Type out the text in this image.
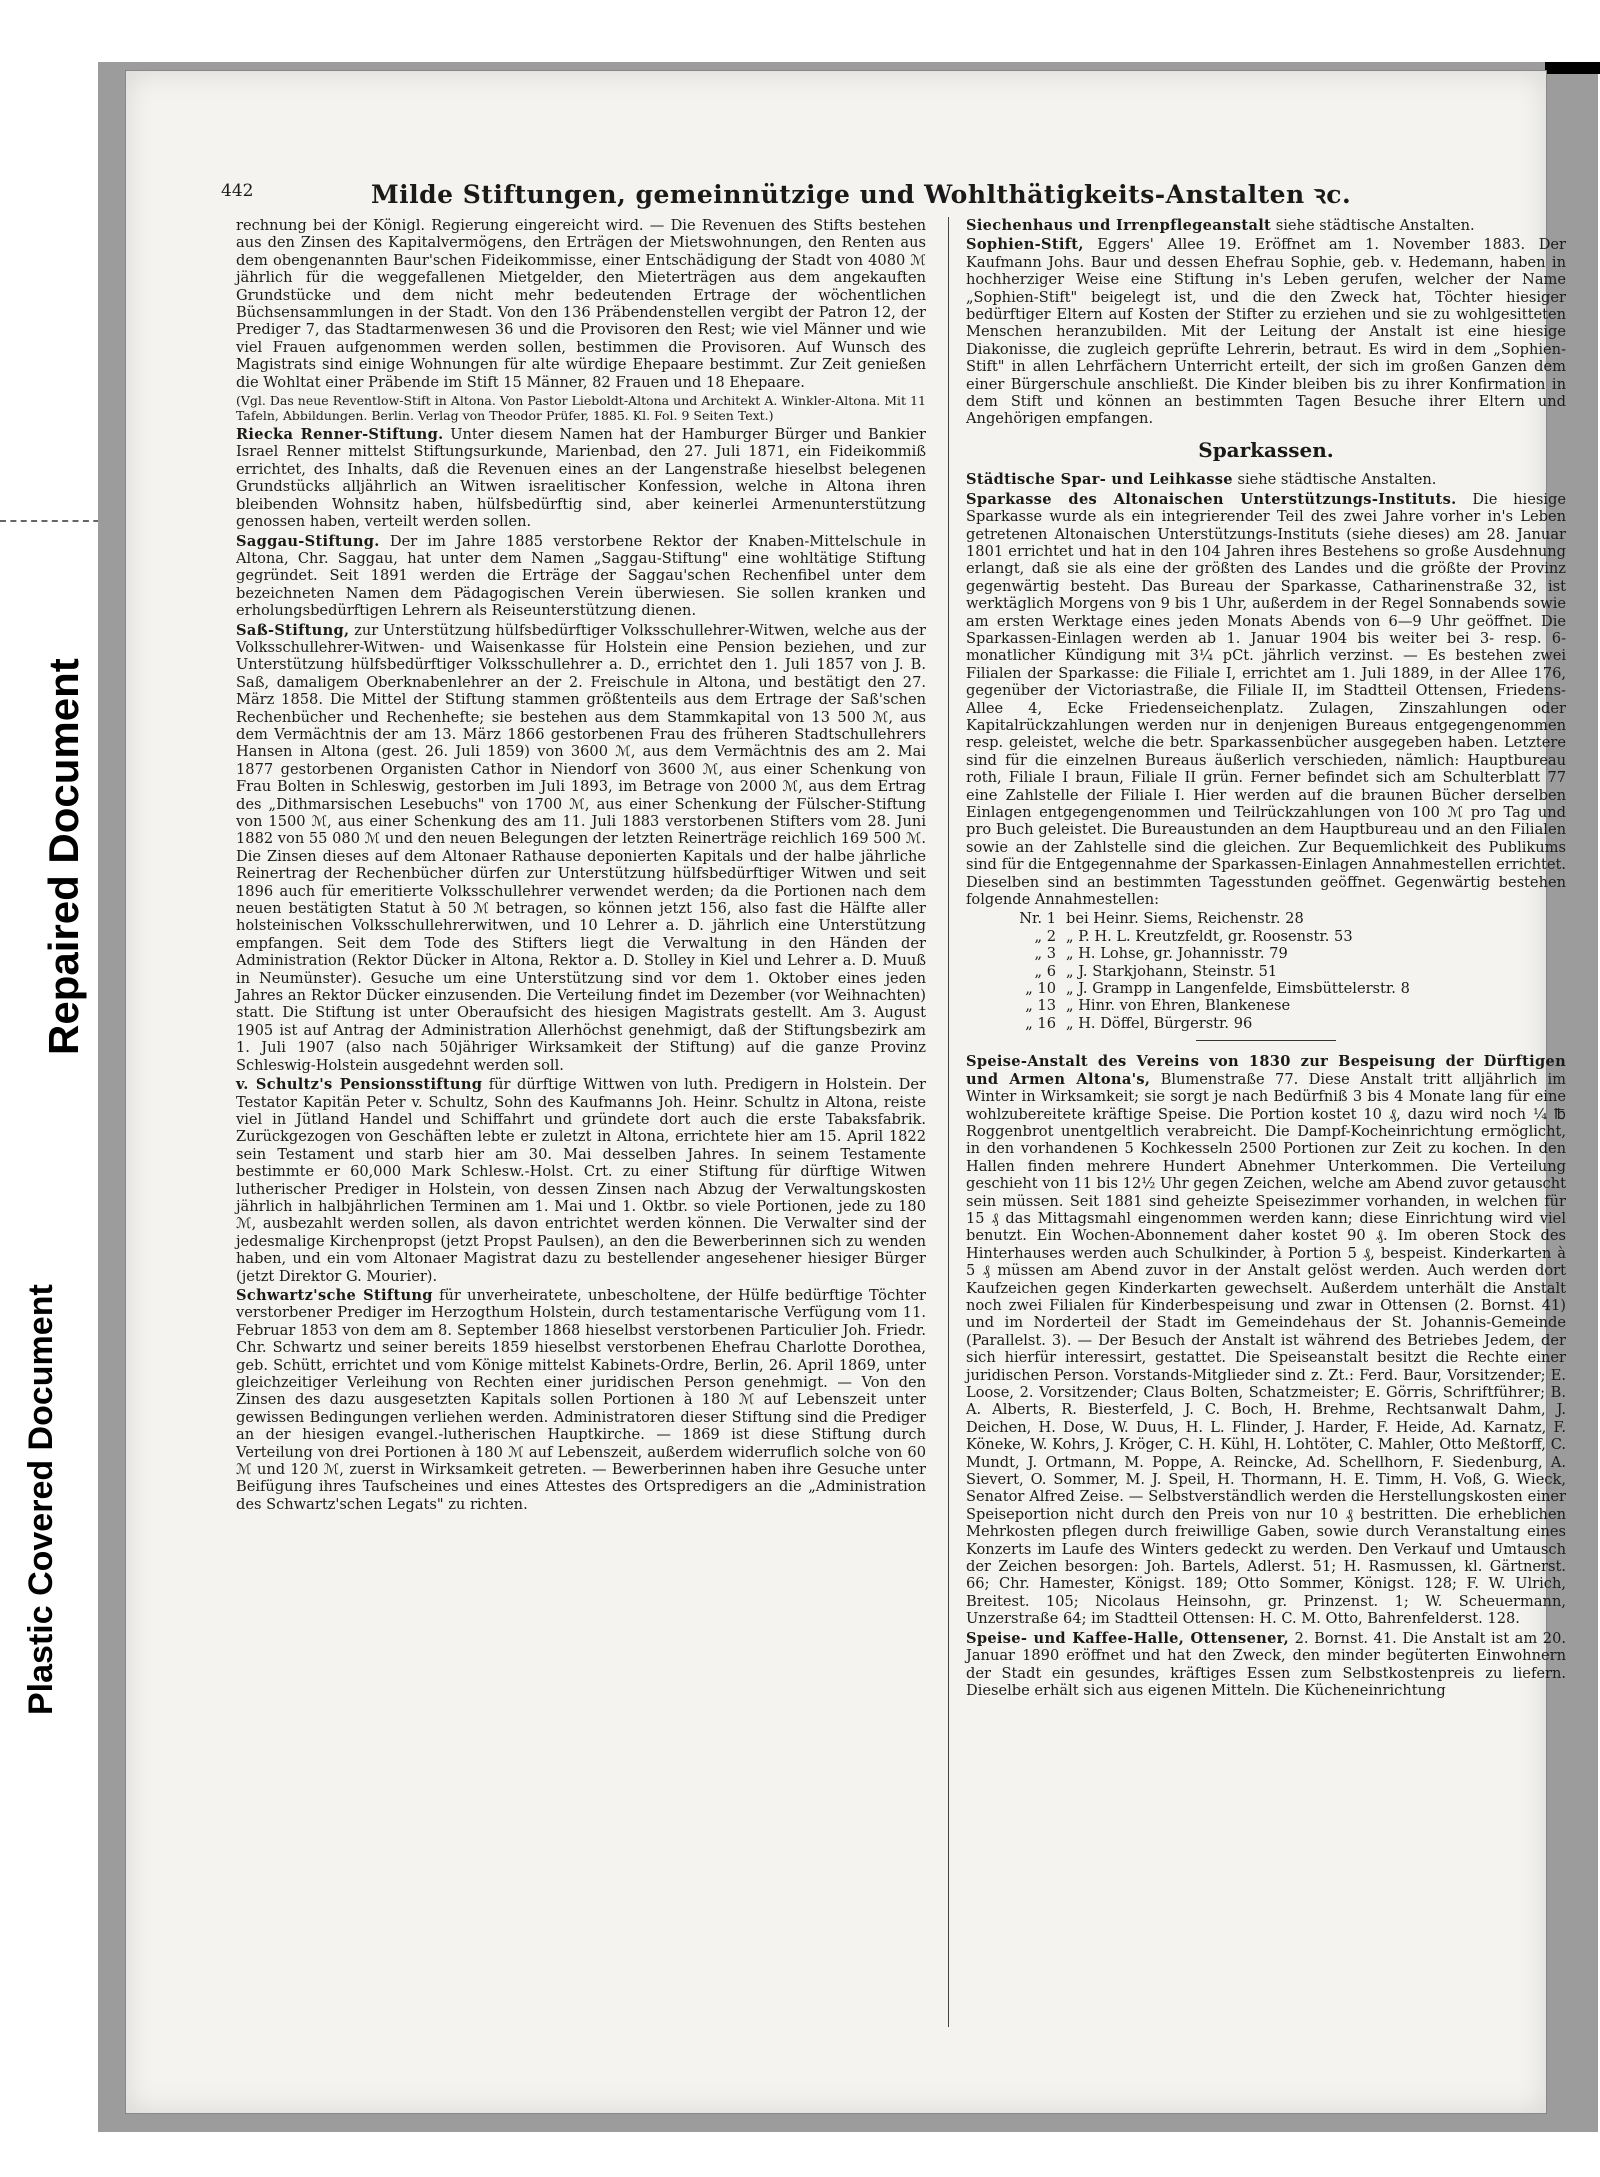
Repaired Document
Plastic Covered Document
442	Milde Stiftungen, gemeinnützige und Wohlthätigkeits-Anstalten ꝛc.

rechnung bei der Königl. Regierung eingereicht wird. — Die Revenuen des Stifts bestehen aus den Zinsen des Kapitalvermögens, den Erträgen der Mietswohnungen, den Renten aus dem obengenannten Baur'schen Fideikommisse, einer Entschädigung der Stadt von 4080 ℳ jährlich für die weggefallenen Mietgelder, den Mieterträgen aus dem angekauften Grundstücke und dem nicht mehr bedeutenden Ertrage der wöchentlichen Büchsensammlungen in der Stadt. Von den 136 Präbendenstellen vergibt der Patron 12, der Prediger 7, das Stadtarmenwesen 36 und die Provisoren den Rest; wie viel Männer und wie viel Frauen aufgenommen werden sollen, bestimmen die Provisoren. Auf Wunsch des Magistrats sind einige Wohnungen für alte würdige Ehepaare bestimmt. Zur Zeit genießen die Wohltat einer Präbende im Stift 15 Männer, 82 Frauen und 18 Ehepaare.

(Vgl. Das neue Reventlow-Stift in Altona. Von Pastor Lieboldt-Altona und Architekt A. Winkler-Altona. Mit 11 Tafeln, Abbildungen. Berlin. Verlag von Theodor Prüfer, 1885. Kl. Fol. 9 Seiten Text.)

Riecka Renner-Stiftung. Unter diesem Namen hat der Hamburger Bürger und Bankier Israel Renner mittelst Stiftungsurkunde, Marienbad, den 27. Juli 1871, ein Fideikommiß errichtet, des Inhalts, daß die Revenuen eines an der Langenstraße hieselbst belegenen Grundstücks alljährlich an Witwen israelitischer Konfession, welche in Altona ihren bleibenden Wohnsitz haben, hülfsbedürftig sind, aber keinerlei Armenunterstützung genossen haben, verteilt werden sollen.

Saggau-Stiftung. Der im Jahre 1885 verstorbene Rektor der Knaben-Mittelschule in Altona, Chr. Saggau, hat unter dem Namen „Saggau-Stiftung" eine wohltätige Stiftung gegründet. Seit 1891 werden die Erträge der Saggau'schen Rechenfibel unter dem bezeichneten Namen dem Pädagogischen Verein überwiesen. Sie sollen kranken und erholungsbedürftigen Lehrern als Reiseunterstützung dienen.

Saß-Stiftung, zur Unterstützung hülfsbedürftiger Volksschullehrer-Witwen, welche aus der Volksschullehrer-Witwen- und Waisenkasse für Holstein eine Pension beziehen, und zur Unterstützung hülfsbedürftiger Volksschullehrer a. D., errichtet den 1. Juli 1857 von J. B. Saß, damaligem Oberknabenlehrer an der 2. Freischule in Altona, und bestätigt den 27. März 1858. Die Mittel der Stiftung stammen größtenteils aus dem Ertrage der Saß'schen Rechenbücher und Rechenhefte; sie bestehen aus dem Stammkapital von 13 500 ℳ, aus dem Vermächtnis der am 13. März 1866 gestorbenen Frau des früheren Stadtschullehrers Hansen in Altona (gest. 26. Juli 1859) von 3600 ℳ, aus dem Vermächtnis des am 2. Mai 1877 gestorbenen Organisten Cathor in Niendorf von 3600 ℳ, aus einer Schenkung von Frau Bolten in Schleswig, gestorben im Juli 1893, im Betrage von 2000 ℳ, aus dem Ertrag des „Dithmarsischen Lesebuchs" von 1700 ℳ, aus einer Schenkung der Fülscher-Stiftung von 1500 ℳ, aus einer Schenkung des am 11. Juli 1883 verstorbenen Stifters vom 28. Juni 1882 von 55 080 ℳ und den neuen Belegungen der letzten Reinerträge reichlich 169 500 ℳ. Die Zinsen dieses auf dem Altonaer Rathause deponierten Kapitals und der halbe jährliche Reinertrag der Rechenbücher dürfen zur Unterstützung hülfsbedürftiger Witwen und seit 1896 auch für emeritierte Volksschullehrer verwendet werden; da die Portionen nach dem neuen bestätigten Statut à 50 ℳ betragen, so können jetzt 156, also fast die Hälfte aller holsteinischen Volksschullehrerwitwen, und 10 Lehrer a. D. jährlich eine Unterstützung empfangen. Seit dem Tode des Stifters liegt die Verwaltung in den Händen der Administration (Rektor Dücker in Altona, Rektor a. D. Stolley in Kiel und Lehrer a. D. Muuß in Neumünster). Gesuche um eine Unterstützung sind vor dem 1. Oktober eines jeden Jahres an Rektor Dücker einzusenden. Die Verteilung findet im Dezember (vor Weihnachten) statt. Die Stiftung ist unter Oberaufsicht des hiesigen Magistrats gestellt. Am 3. August 1905 ist auf Antrag der Administration Allerhöchst genehmigt, daß der Stiftungsbezirk am 1. Juli 1907 (also nach 50jähriger Wirksamkeit der Stiftung) auf die ganze Provinz Schleswig-Holstein ausgedehnt werden soll.

v. Schultz's Pensionsstiftung für dürftige Wittwen von luth. Predigern in Holstein. Der Testator Kapitän Peter v. Schultz, Sohn des Kaufmanns Joh. Heinr. Schultz in Altona, reiste viel in Jütland Handel und Schiffahrt und gründete dort auch die erste Tabaksfabrik. Zurückgezogen von Geschäften lebte er zuletzt in Altona, errichtete hier am 15. April 1822 sein Testament und starb hier am 30. Mai desselben Jahres. In seinem Testamente bestimmte er 60,000 Mark Schlesw.-Holst. Crt. zu einer Stiftung für dürftige Witwen lutherischer Prediger in Holstein, von dessen Zinsen nach Abzug der Verwaltungskosten jährlich in halbjährlichen Terminen am 1. Mai und 1. Oktbr. so viele Portionen, jede zu 180 ℳ, ausbezahlt werden sollen, als davon entrichtet werden können. Die Verwalter sind der jedesmalige Kirchenpropst (jetzt Propst Paulsen), an den die Bewerberinnen sich zu wenden haben, und ein vom Altonaer Magistrat dazu zu bestellender angesehener hiesiger Bürger (jetzt Direktor G. Mourier).

Schwartz'sche Stiftung für unverheiratete, unbescholtene, der Hülfe bedürftige Töchter verstorbener Prediger im Herzogthum Holstein, durch testamentarische Verfügung vom 11. Februar 1853 von dem am 8. September 1868 hieselbst verstorbenen Particulier Joh. Friedr. Chr. Schwartz und seiner bereits 1859 hieselbst verstorbenen Ehefrau Charlotte Dorothea, geb. Schütt, errichtet und vom Könige mittelst Kabinets-Ordre, Berlin, 26. April 1869, unter gleichzeitiger Verleihung von Rechten einer juridischen Person genehmigt. — Von den Zinsen des dazu ausgesetzten Kapitals sollen Portionen à 180 ℳ auf Lebenszeit unter gewissen Bedingungen verliehen werden. Administratoren dieser Stiftung sind die Prediger an der hiesigen evangel.-lutherischen Hauptkirche. — 1869 ist diese Stiftung durch Verteilung von drei Portionen à 180 ℳ auf Lebenszeit, außerdem widerruflich solche von 60 ℳ und 120 ℳ, zuerst in Wirksamkeit getreten. — Bewerberinnen haben ihre Gesuche unter Beifügung ihres Taufscheines und eines Attestes des Ortspredigers an die „Administration des Schwartz'schen Legats" zu richten.

Siechenhaus und Irrenpflegeanstalt siehe städtische Anstalten.

Sophien-Stift, Eggers' Allee 19. Eröffnet am 1. November 1883. Der Kaufmann Johs. Baur und dessen Ehefrau Sophie, geb. v. Hedemann, haben in hochherziger Weise eine Stiftung in's Leben gerufen, welcher der Name „Sophien-Stift" beigelegt ist, und die den Zweck hat, Töchter hiesiger bedürftiger Eltern auf Kosten der Stifter zu erziehen und sie zu wohlgesitteten Menschen heranzubilden. Mit der Leitung der Anstalt ist eine hiesige Diakonisse, die zugleich geprüfte Lehrerin, betraut. Es wird in dem „Sophien-Stift" in allen Lehrfächern Unterricht erteilt, der sich im großen Ganzen dem einer Bürgerschule anschließt. Die Kinder bleiben bis zu ihrer Konfirmation in dem Stift und können an bestimmten Tagen Besuche ihrer Eltern und Angehörigen empfangen.

Sparkassen.

Städtische Spar- und Leihkasse siehe städtische Anstalten.

Sparkasse des Altonaischen Unterstützungs-Instituts. Die hiesige Sparkasse wurde als ein integrierender Teil des zwei Jahre vorher in's Leben getretenen Altonaischen Unterstützungs-Instituts (siehe dieses) am 28. Januar 1801 errichtet und hat in den 104 Jahren ihres Bestehens so große Ausdehnung erlangt, daß sie als eine der größten des Landes und die größte der Provinz gegenwärtig besteht. Das Bureau der Sparkasse, Catharinenstraße 32, ist werktäglich Morgens von 9 bis 1 Uhr, außerdem in der Regel Sonnabends sowie am ersten Werktage eines jeden Monats Abends von 6—9 Uhr geöffnet. Die Sparkassen-Einlagen werden ab 1. Januar 1904 bis weiter bei 3- resp. 6-monatlicher Kündigung mit 3¼ pCt. jährlich verzinst. — Es bestehen zwei Filialen der Sparkasse: die Filiale I, errichtet am 1. Juli 1889, in der Allee 176, gegenüber der Victoriastraße, die Filiale II, im Stadtteil Ottensen, Friedens-Allee 4, Ecke Friedenseichenplatz. Zulagen, Zinszahlungen oder Kapitalrückzahlungen werden nur in denjenigen Bureaus entgegengenommen resp. geleistet, welche die betr. Sparkassenbücher ausgegeben haben. Letztere sind für die einzelnen Bureaus äußerlich verschieden, nämlich: Hauptbureau roth, Filiale I braun, Filiale II grün. Ferner befindet sich am Schulterblatt 77 eine Zahlstelle der Filiale I. Hier werden auf die braunen Bücher derselben Einlagen entgegengenommen und Teilrückzahlungen von 100 ℳ pro Tag und pro Buch geleistet. Die Bureaustunden an dem Hauptbureau und an den Filialen sowie an der Zahlstelle sind die gleichen. Zur Bequemlichkeit des Publikums sind für die Entgegennahme der Sparkassen-Einlagen Annahmestellen errichtet. Dieselben sind an bestimmten Tagesstunden geöffnet. Gegenwärtig bestehen folgende Annahmestellen:

Nr. 1 bei Heinr. Siems, Reichenstr. 28
„ 2 „ P. H. L. Kreutzfeldt, gr. Roosenstr. 53
„ 3 „ H. Lohse, gr. Johannisstr. 79
„ 6 „ J. Starkjohann, Steinstr. 51
„ 10 „ J. Grampp in Langenfelde, Eimsbüttelerstr. 8
„ 13 „ Hinr. von Ehren, Blankenese
„ 16 „ H. Döffel, Bürgerstr. 96

Speise-Anstalt des Vereins von 1830 zur Bespeisung der Dürftigen und Armen Altona's, Blumenstraße 77. Diese Anstalt tritt alljährlich im Winter in Wirksamkeit; sie sorgt je nach Bedürfniß 3 bis 4 Monate lang für eine wohlzubereitete kräftige Speise. Die Portion kostet 10 ₰, dazu wird noch ¼ ℔ Roggenbrot unentgeltlich verabreicht. Die Dampf-Kocheinrichtung ermöglicht, in den vorhandenen 5 Kochkesseln 2500 Portionen zur Zeit zu kochen. In den Hallen finden mehrere Hundert Abnehmer Unterkommen. Die Verteilung geschieht von 11 bis 12½ Uhr gegen Zeichen, welche am Abend zuvor getauscht sein müssen. Seit 1881 sind geheizte Speisezimmer vorhanden, in welchen für 15 ₰ das Mittagsmahl eingenommen werden kann; diese Einrichtung wird viel benutzt. Ein Wochen-Abonnement daher kostet 90 ₰. Im oberen Stock des Hinterhauses werden auch Schulkinder, à Portion 5 ₰, bespeist. Kinderkarten à 5 ₰ müssen am Abend zuvor in der Anstalt gelöst werden. Auch werden dort Kaufzeichen gegen Kinderkarten gewechselt. Außerdem unterhält die Anstalt noch zwei Filialen für Kinderbespeisung und zwar in Ottensen (2. Bornst. 41) und im Norderteil der Stadt im Gemeindehaus der St. Johannis-Gemeinde (Parallelst. 3). — Der Besuch der Anstalt ist während des Betriebes Jedem, der sich hierfür interessirt, gestattet. Die Speiseanstalt besitzt die Rechte einer juridischen Person. Vorstands-Mitglieder sind z. Zt.: Ferd. Baur, Vorsitzender; E. Loose, 2. Vorsitzender; Claus Bolten, Schatzmeister; E. Görris, Schriftführer; B. A. Alberts, R. Biesterfeld, J. C. Boch, H. Brehme, Rechtsanwalt Dahm, J. Deichen, H. Dose, W. Duus, H. L. Flinder, J. Harder, F. Heide, Ad. Karnatz, F. Köneke, W. Kohrs, J. Kröger, C. H. Kühl, H. Lohtöter, C. Mahler, Otto Meßtorff, C. Mundt, J. Ortmann, M. Poppe, A. Reincke, Ad. Schellhorn, F. Siedenburg, A. Sievert, O. Sommer, M. J. Speil, H. Thormann, H. E. Timm, H. Voß, G. Wieck, Senator Alfred Zeise. — Selbstverständlich werden die Herstellungskosten einer Speiseportion nicht durch den Preis von nur 10 ₰ bestritten. Die erheblichen Mehrkosten pflegen durch freiwillige Gaben, sowie durch Veranstaltung eines Konzerts im Laufe des Winters gedeckt zu werden. Den Verkauf und Umtausch der Zeichen besorgen: Joh. Bartels, Adlerst. 51; H. Rasmussen, kl. Gärtnerst. 66; Chr. Hamester, Königst. 189; Otto Sommer, Königst. 128; F. W. Ulrich, Breitest. 105; Nicolaus Heinsohn, gr. Prinzenst. 1; W. Scheuermann, Unzerstraße 64; im Stadtteil Ottensen: H. C. M. Otto, Bahrenfelderst. 128.

Speise- und Kaffee-Halle, Ottensener, 2. Bornst. 41. Die Anstalt ist am 20. Januar 1890 eröffnet und hat den Zweck, den minder begüterten Einwohnern der Stadt ein gesundes, kräftiges Essen zum Selbstkostenpreis zu liefern. Dieselbe erhält sich aus eigenen Mitteln. Die Kücheneinrichtung
